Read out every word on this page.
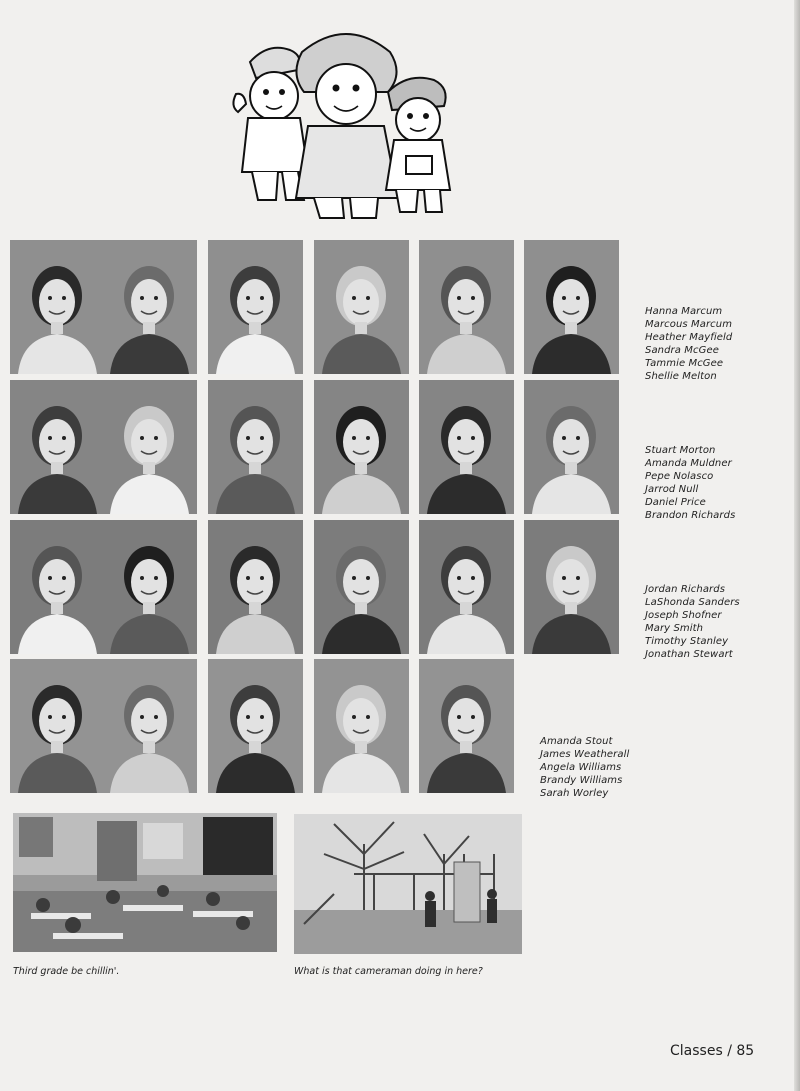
Hanna Marcum
Marcous Marcum
Heather Mayfield
Sandra McGee
Tammie McGee
Shellie Melton
Stuart Morton
Amanda Muldner
Pepe Nolasco
Jarrod Null
Daniel Price
Brandon Richards
Jordan Richards
LaShonda Sanders
Joseph Shofner
Mary Smith
Timothy Stanley
Jonathan Stewart
Amanda Stout
James Weatherall
Angela Williams
Brandy Williams
Sarah Worley
Third grade be chillin'.	What is that cameraman doing in here?
Classes / 85
